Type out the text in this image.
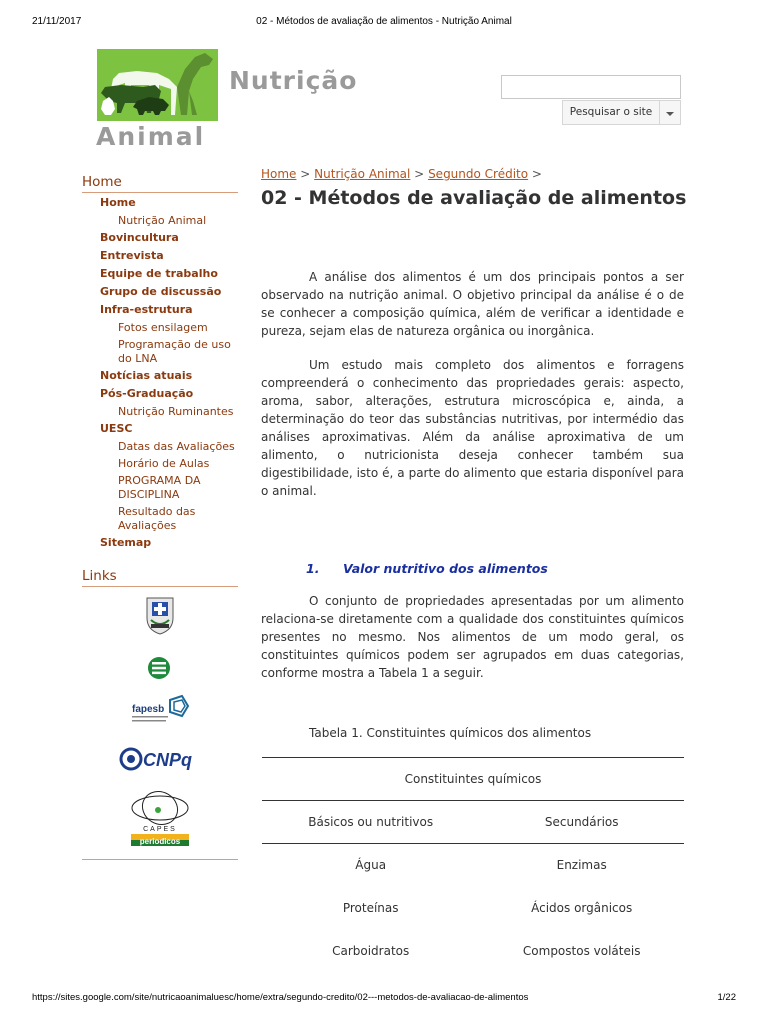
21/11/2017	02 - Métodos de avaliação de alimentos - Nutrição Animal
Nutrição
Animal
Pesquisar o site
Home
Home
Nutrição Animal
Bovincultura
Entrevista
Equipe de trabalho
Grupo de discussão
Infra-estrutura
Fotos ensilagem
Programação de uso do LNA
Notícias atuais
Pós-Graduação
Nutrição Ruminantes
UESC
Datas das Avaliações
Horário de Aulas
PROGRAMA DA DISCIPLINA
Resultado das Avaliações
Sitemap
Links
fapesb
CNPq
CAPES
periodicos
Home > Nutrição Animal > Segundo Crédito >
02 - Métodos de avaliação de alimentos

A análise dos alimentos é um dos principais pontos a ser observado na nutrição animal. O objetivo principal da análise é o de se conhecer a composição química, além de verificar a identidade e pureza, sejam elas de natureza orgânica ou inorgânica.

Um estudo mais completo dos alimentos e forragens compreenderá o conhecimento das propriedades gerais: aspecto, aroma, sabor, alterações, estrutura microscópica e, ainda, a determinação do teor das substâncias nutritivas, por intermédio das análises aproximativas. Além da análise aproximativa de um alimento, o nutricionista deseja conhecer também sua digestibilidade, isto é, a parte do alimento que estaria disponível para o animal.

1. Valor nutritivo dos alimentos

O conjunto de propriedades apresentadas por um alimento relaciona-se diretamente com a qualidade dos constituintes químicos presentes no mesmo. Nos alimentos de um modo geral, os constituintes químicos podem ser agrupados em duas categorias, conforme mostra a Tabela 1 a seguir.

Tabela 1. Constituintes químicos dos alimentos
Constituintes químicos	
Básicos ou nutritivos	Secundários
Água	Enzimas
Proteínas	Ácidos orgânicos
Carboidratos	Compostos voláteis
https://sites.google.com/site/nutricaoanimaluesc/home/extra/segundo-credito/02---metodos-de-avaliacao-de-alimentos	1/22
